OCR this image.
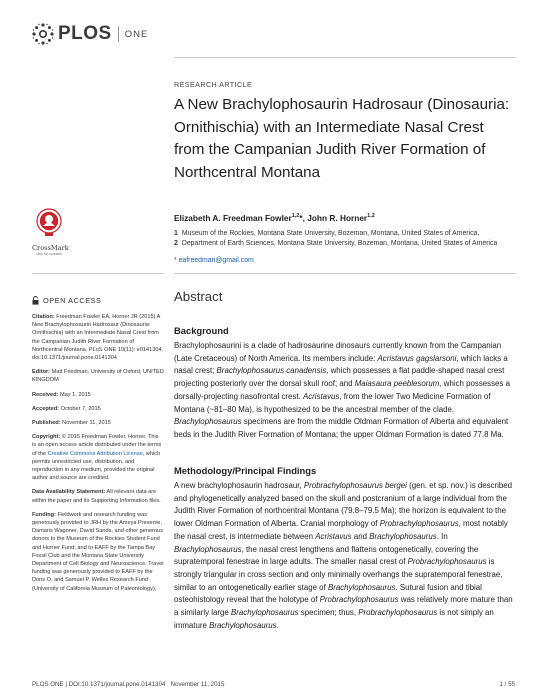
PLOS ONE
RESEARCH ARTICLE
A New Brachylophosaurin Hadrosaur (Dinosauria: Ornithischia) with an Intermediate Nasal Crest from the Campanian Judith River Formation of Northcentral Montana
Elizabeth A. Freedman Fowler$^{1,2}$*, John R. Horner$^{1,2}$
1 Museum of the Rockies, Montana State University, Bozeman, Montana, United States of America,
2 Department of Earth Sciences, Montana State University, Bozeman, Montana, United States of America
* eafreedman@gmail.com
CrossMark
click for updates
OPEN ACCESS

Citation: Freedman Fowler EA, Horner JR (2015) A New Brachylophosaurin Hadrosaur (Dinosauria: Ornithischia) with an Intermediate Nasal Crest from the Campanian Judith River Formation of Northcentral Montana. PLoS ONE 10(11): e0141304. doi:10.1371/journal.pone.0141304

Editor: Matt Friedman, University of Oxford, UNITED KINGDOM

Received: May 1, 2015

Accepted: October 7, 2015

Published: November 11, 2015

Copyright: © 2015 Freedman Fowler, Horner. This is an open access article distributed under the terms of the Creative Commons Attribution License, which permits unrestricted use, distribution, and reproduction in any medium, provided the original author and source are credited.

Data Availability Statement: All relevant data are within the paper and its Supporting Information files.

Funding: Fieldwork and research funding was generously provided to JRH by the Ameya Preserve, Damaris Wagoner, David Sands, and other generous donors to the Museum of the Rockies Student Fund and Horner Fund; and to EAFF by the Tampa Bay Fossil Club and the Montana State University Department of Cell Biology and Neuroscience. Travel funding was generously provided to EAFF by the Doris O. and Samuel P. Welles Research Fund (University of California Museum of Paleontology),

Abstract
Background

Brachylophosaurini is a clade of hadrosaurine dinosaurs currently known from the Campanian (Late Cretaceous) of North America. Its members include: Acristavus gagslarsoni, which lacks a nasal crest; Brachylophosaurus canadensis, which possesses a flat paddle-shaped nasal crest projecting posteriorly over the dorsal skull roof; and Maiasaura peeblesorum, which possesses a dorsally-projecting nasofrontal crest. Acristavus, from the lower Two Medicine Formation of Montana (~81–80 Ma), is hypothesized to be the ancestral member of the clade. Brachylophosaurus specimens are from the middle Oldman Formation of Alberta and equivalent beds in the Judith River Formation of Montana; the upper Oldman Formation is dated 77.8 Ma.

Methodology/Principal Findings

A new brachylophosaurin hadrosaur, Probrachylophosaurus bergei (gen. et sp. nov.) is described and phylogenetically analyzed based on the skull and postcranium of a large individual from the Judith River Formation of northcentral Montana (79.8–79.5 Ma); the horizon is equivalent to the lower Oldman Formation of Alberta. Cranial morphology of Probrachylophosaurus, most notably the nasal crest, is intermediate between Acristavus and Brachylophosaurus. In Brachylophosaurus, the nasal crest lengthens and flattens ontogenetically, covering the supratemporal fenestrae in large adults. The smaller nasal crest of Probrachylophosaurus is strongly triangular in cross section and only minimally overhangs the supratemporal fenestrae, similar to an ontogenetically earlier stage of Brachylophosaurus. Sutural fusion and tibial osteohistology reveal that the holotype of Probrachylophosaurus was relatively more mature than a similarly large Brachylophosaurus specimen; thus, Probrachylophosaurus is not simply an immature Brachylophosaurus.

PLOS ONE | DOI:10.1371/journal.pone.0141304 November 11, 2015	1 / 55
